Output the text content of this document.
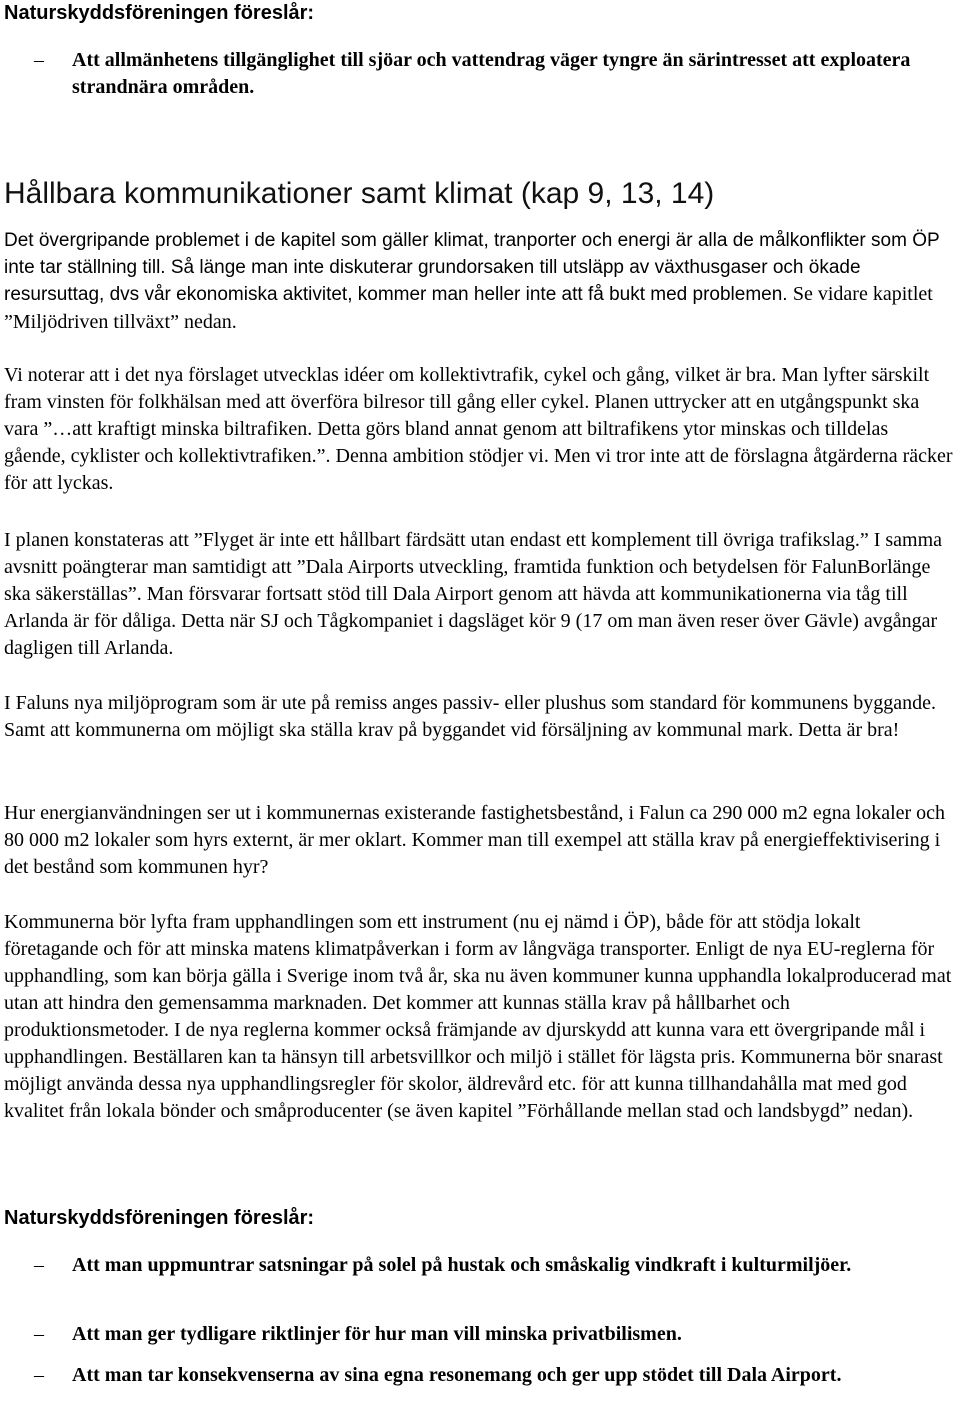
Naturskyddsföreningen föreslår:

–	Att allmänhetens tillgänglighet till sjöar och vattendrag väger tyngre än särintresset att exploatera strandnära områden.
Hållbara kommunikationer samt klimat (kap 9, 13, 14)

Det övergripande problemet i de kapitel som gäller klimat, tranporter och energi är alla de målkonflikter som ÖP inte tar ställning till. Så länge man inte diskuterar grundorsaken till utsläpp av växthusgaser och ökade resursuttag, dvs vår ekonomiska aktivitet, kommer man heller inte att få bukt med problemen. Se vidare kapitlet ”Miljödriven tillväxt” nedan.

Vi noterar att i det nya förslaget utvecklas idéer om kollektivtrafik, cykel och gång, vilket är bra. Man lyfter särskilt fram vinsten för folkhälsan med att överföra bilresor till gång eller cykel. Planen uttrycker att en utgångspunkt ska vara ”…att kraftigt minska biltrafiken. Detta görs bland annat genom att biltrafikens ytor minskas och tilldelas gående, cyklister och kollektivtrafiken.”. Denna ambition stödjer vi. Men vi tror inte att de förslagna åtgärderna räcker för att lyckas.

I planen konstateras att ”Flyget är inte ett hållbart färdsätt utan endast ett komplement till övriga trafikslag.” I samma avsnitt poängterar man samtidigt att ”Dala Airports utveckling, framtida funktion och betydelsen för FalunBorlänge ska säkerställas”. Man försvarar fortsatt stöd till Dala Airport genom att hävda att kommunikationerna via tåg till Arlanda är för dåliga. Detta när SJ och Tågkompaniet i dagsläget kör 9 (17 om man även reser över Gävle) avgångar dagligen till Arlanda.

I Faluns nya miljöprogram som är ute på remiss anges passiv- eller plushus som standard för kommunens byggande. Samt att kommunerna om möjligt ska ställa krav på byggandet vid försäljning av kommunal mark. Detta är bra!

Hur energianvändningen ser ut i kommunernas existerande fastighetsbestånd, i Falun ca 290 000 m2 egna lokaler och 80 000 m2 lokaler som hyrs externt, är mer oklart. Kommer man till exempel att ställa krav på energieffektivisering i det bestånd som kommunen hyr?

Kommunerna bör lyfta fram upphandlingen som ett instrument (nu ej nämd i ÖP), både för att stödja lokalt företagande och för att minska matens klimatpåverkan i form av långväga transporter. Enligt de nya EU-reglerna för upphandling, som kan börja gälla i Sverige inom två år, ska nu även kommuner kunna upphandla lokalproducerad mat utan att hindra den gemensamma marknaden. Det kommer att kunnas ställa krav på hållbarhet och produktionsmetoder. I de nya reglerna kommer också främjande av djurskydd att kunna vara ett övergripande mål i upphandlingen. Beställaren kan ta hänsyn till arbetsvillkor och miljö i stället för lägsta pris. Kommunerna bör snarast möjligt använda dessa nya upphandlingsregler för skolor, äldrevård etc. för att kunna tillhandahålla mat med god kvalitet från lokala bönder och småproducenter (se även kapitel ”Förhållande mellan stad och landsbygd” nedan).

Naturskyddsföreningen föreslår:

–	Att man uppmuntrar satsningar på solel på hustak och småskalig vindkraft i kulturmiljöer.
–	Att man ger tydligare riktlinjer för hur man vill minska privatbilismen.
–	Att man tar konsekvenserna av sina egna resonemang och ger upp stödet till Dala Airport.
